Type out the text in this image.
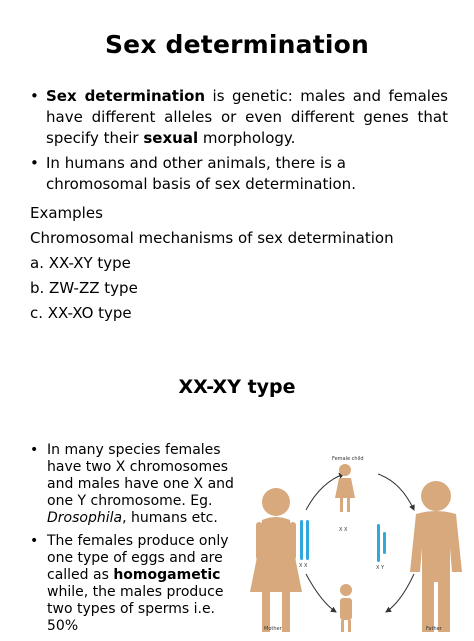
Sex determination
• Sex determination is genetic: males and females have different alleles or even different genes that specify their sexual morphology.
• In humans and other animals, there is a chromosomal basis of sex determination.
Examples
Chromosomal mechanisms of sex determination
a. XX-XY type
b. ZW-ZZ type
c. XX-XO type
XX-XY type
• In many species females have two X chromosomes and males have one X and one Y chromosome. Eg. Drosophila, humans etc.
• The females produce only one type of eggs and are called as homogametic while, the males produce two types of sperms i.e. 50%
Female child
X X
X X	X Y
Mother	Father
